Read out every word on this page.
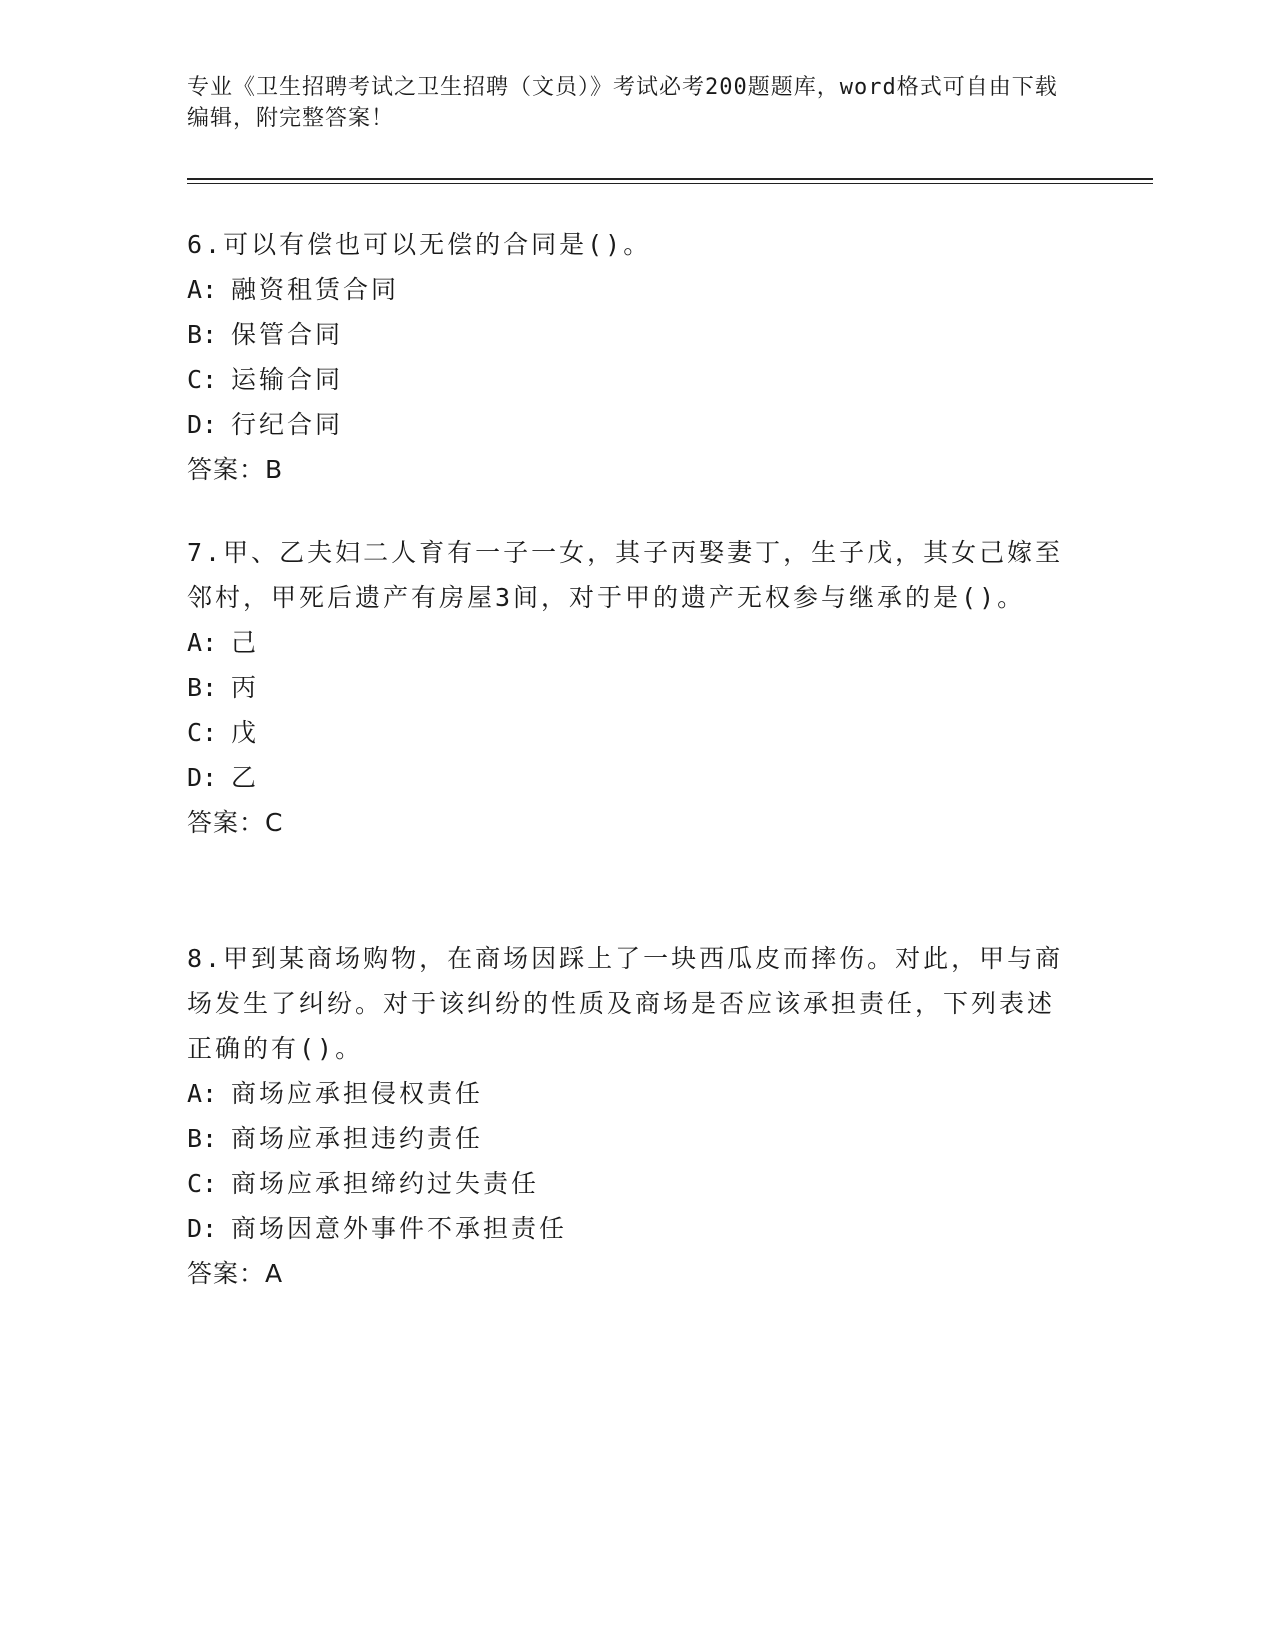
专业《卫生招聘考试之卫生招聘（文员）》考试必考200题题库，word格式可自由下载编辑，附完整答案！

6.可以有偿也可以无偿的合同是()。

A: 融资租赁合同

B: 保管合同

C: 运输合同

D: 行纪合同

答案：B

7.甲、乙夫妇二人育有一子一女，其子丙娶妻丁，生子戊，其女己嫁至邻村，甲死后遗产有房屋3间，对于甲的遗产无权参与继承的是()。

A: 己

B: 丙

C: 戊

D: 乙

答案：C

8.甲到某商场购物，在商场因踩上了一块西瓜皮而摔伤。对此，甲与商场发生了纠纷。对于该纠纷的性质及商场是否应该承担责任，下列表述正确的有()。

A: 商场应承担侵权责任

B: 商场应承担违约责任

C: 商场应承担缔约过失责任

D: 商场因意外事件不承担责任

答案：A
